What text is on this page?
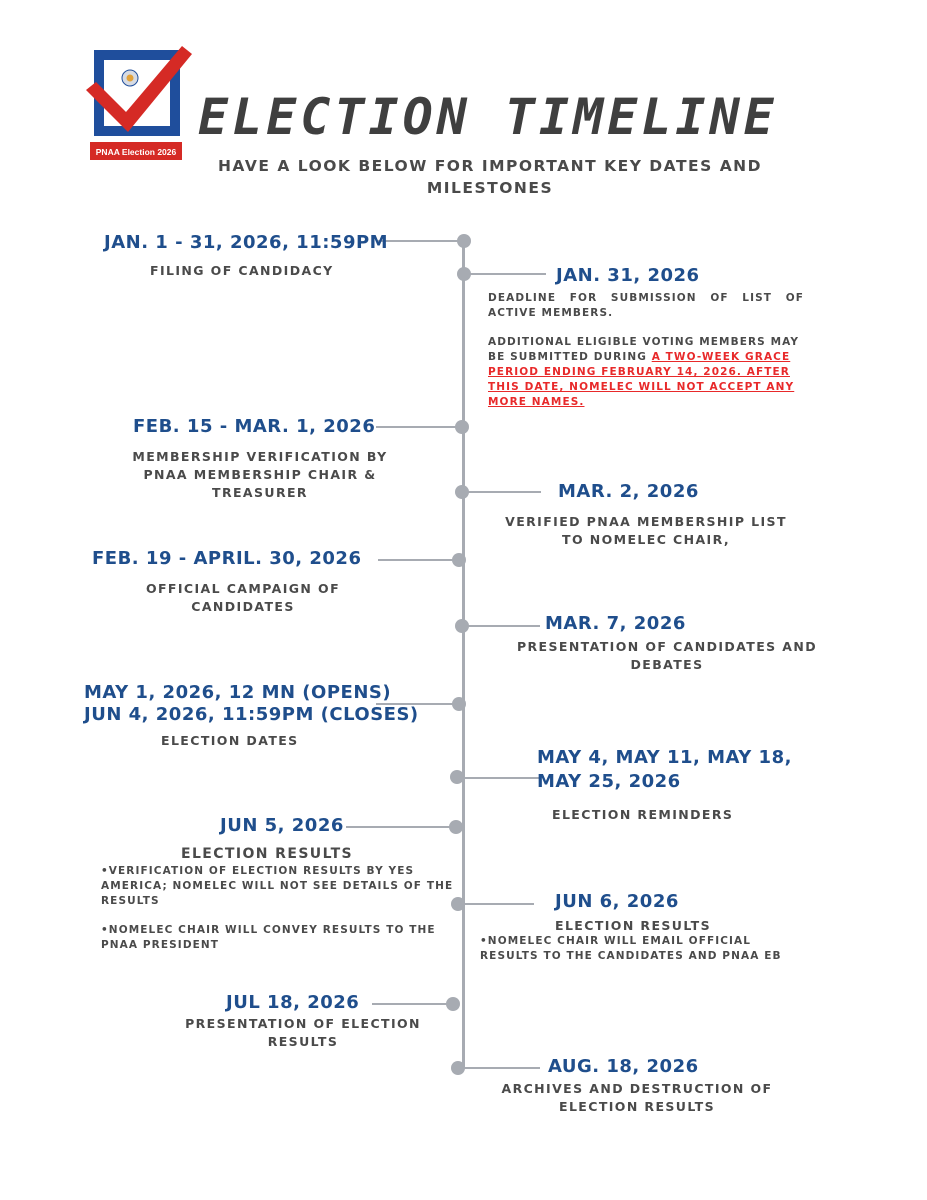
PNAA Election 2026
ELECTION TIMELINE
HAVE A LOOK BELOW FOR IMPORTANT KEY DATES AND MILESTONES
JAN. 1 - 31, 2026, 11:59PM
FILING OF CANDIDACY	JAN. 31, 2026
DEADLINE FOR SUBMISSION OF LIST OF ACTIVE MEMBERS.
ADDITIONAL ELIGIBLE VOTING MEMBERS MAY BE SUBMITTED DURING A TWO-WEEK GRACE PERIOD ENDING FEBRUARY 14, 2026. AFTER THIS DATE, NOMELEC WILL NOT ACCEPT ANY MORE NAMES.
FEB. 15 - MAR. 1, 2026
MEMBERSHIP VERIFICATION BY PNAA MEMBERSHIP CHAIR & TREASURER	MAR. 2, 2026
VERIFIED PNAA MEMBERSHIP LIST TO NOMELEC CHAIR,
FEB. 19 - APRIL. 30, 2026
OFFICIAL CAMPAIGN OF CANDIDATES
MAR. 7, 2026
PRESENTATION OF CANDIDATES AND DEBATES
MAY 1, 2026, 12 MN (OPENS)
JUN 4, 2026, 11:59PM (CLOSES)
ELECTION DATES
MAY 4, MAY 11, MAY 18,
MAY 25, 2026
ELECTION REMINDERS
JUN 5, 2026
ELECTION RESULTS
•VERIFICATION OF ELECTION RESULTS BY YES AMERICA; NOMELEC WILL NOT SEE DETAILS OF THE RESULTS
•NOMELEC CHAIR WILL CONVEY RESULTS TO THE PNAA PRESIDENT
JUN 6, 2026
ELECTION RESULTS
•NOMELEC CHAIR WILL EMAIL OFFICIAL RESULTS TO THE CANDIDATES AND PNAA EB
JUL 18, 2026
PRESENTATION OF ELECTION RESULTS
AUG. 18, 2026
ARCHIVES AND DESTRUCTION OF ELECTION RESULTS
